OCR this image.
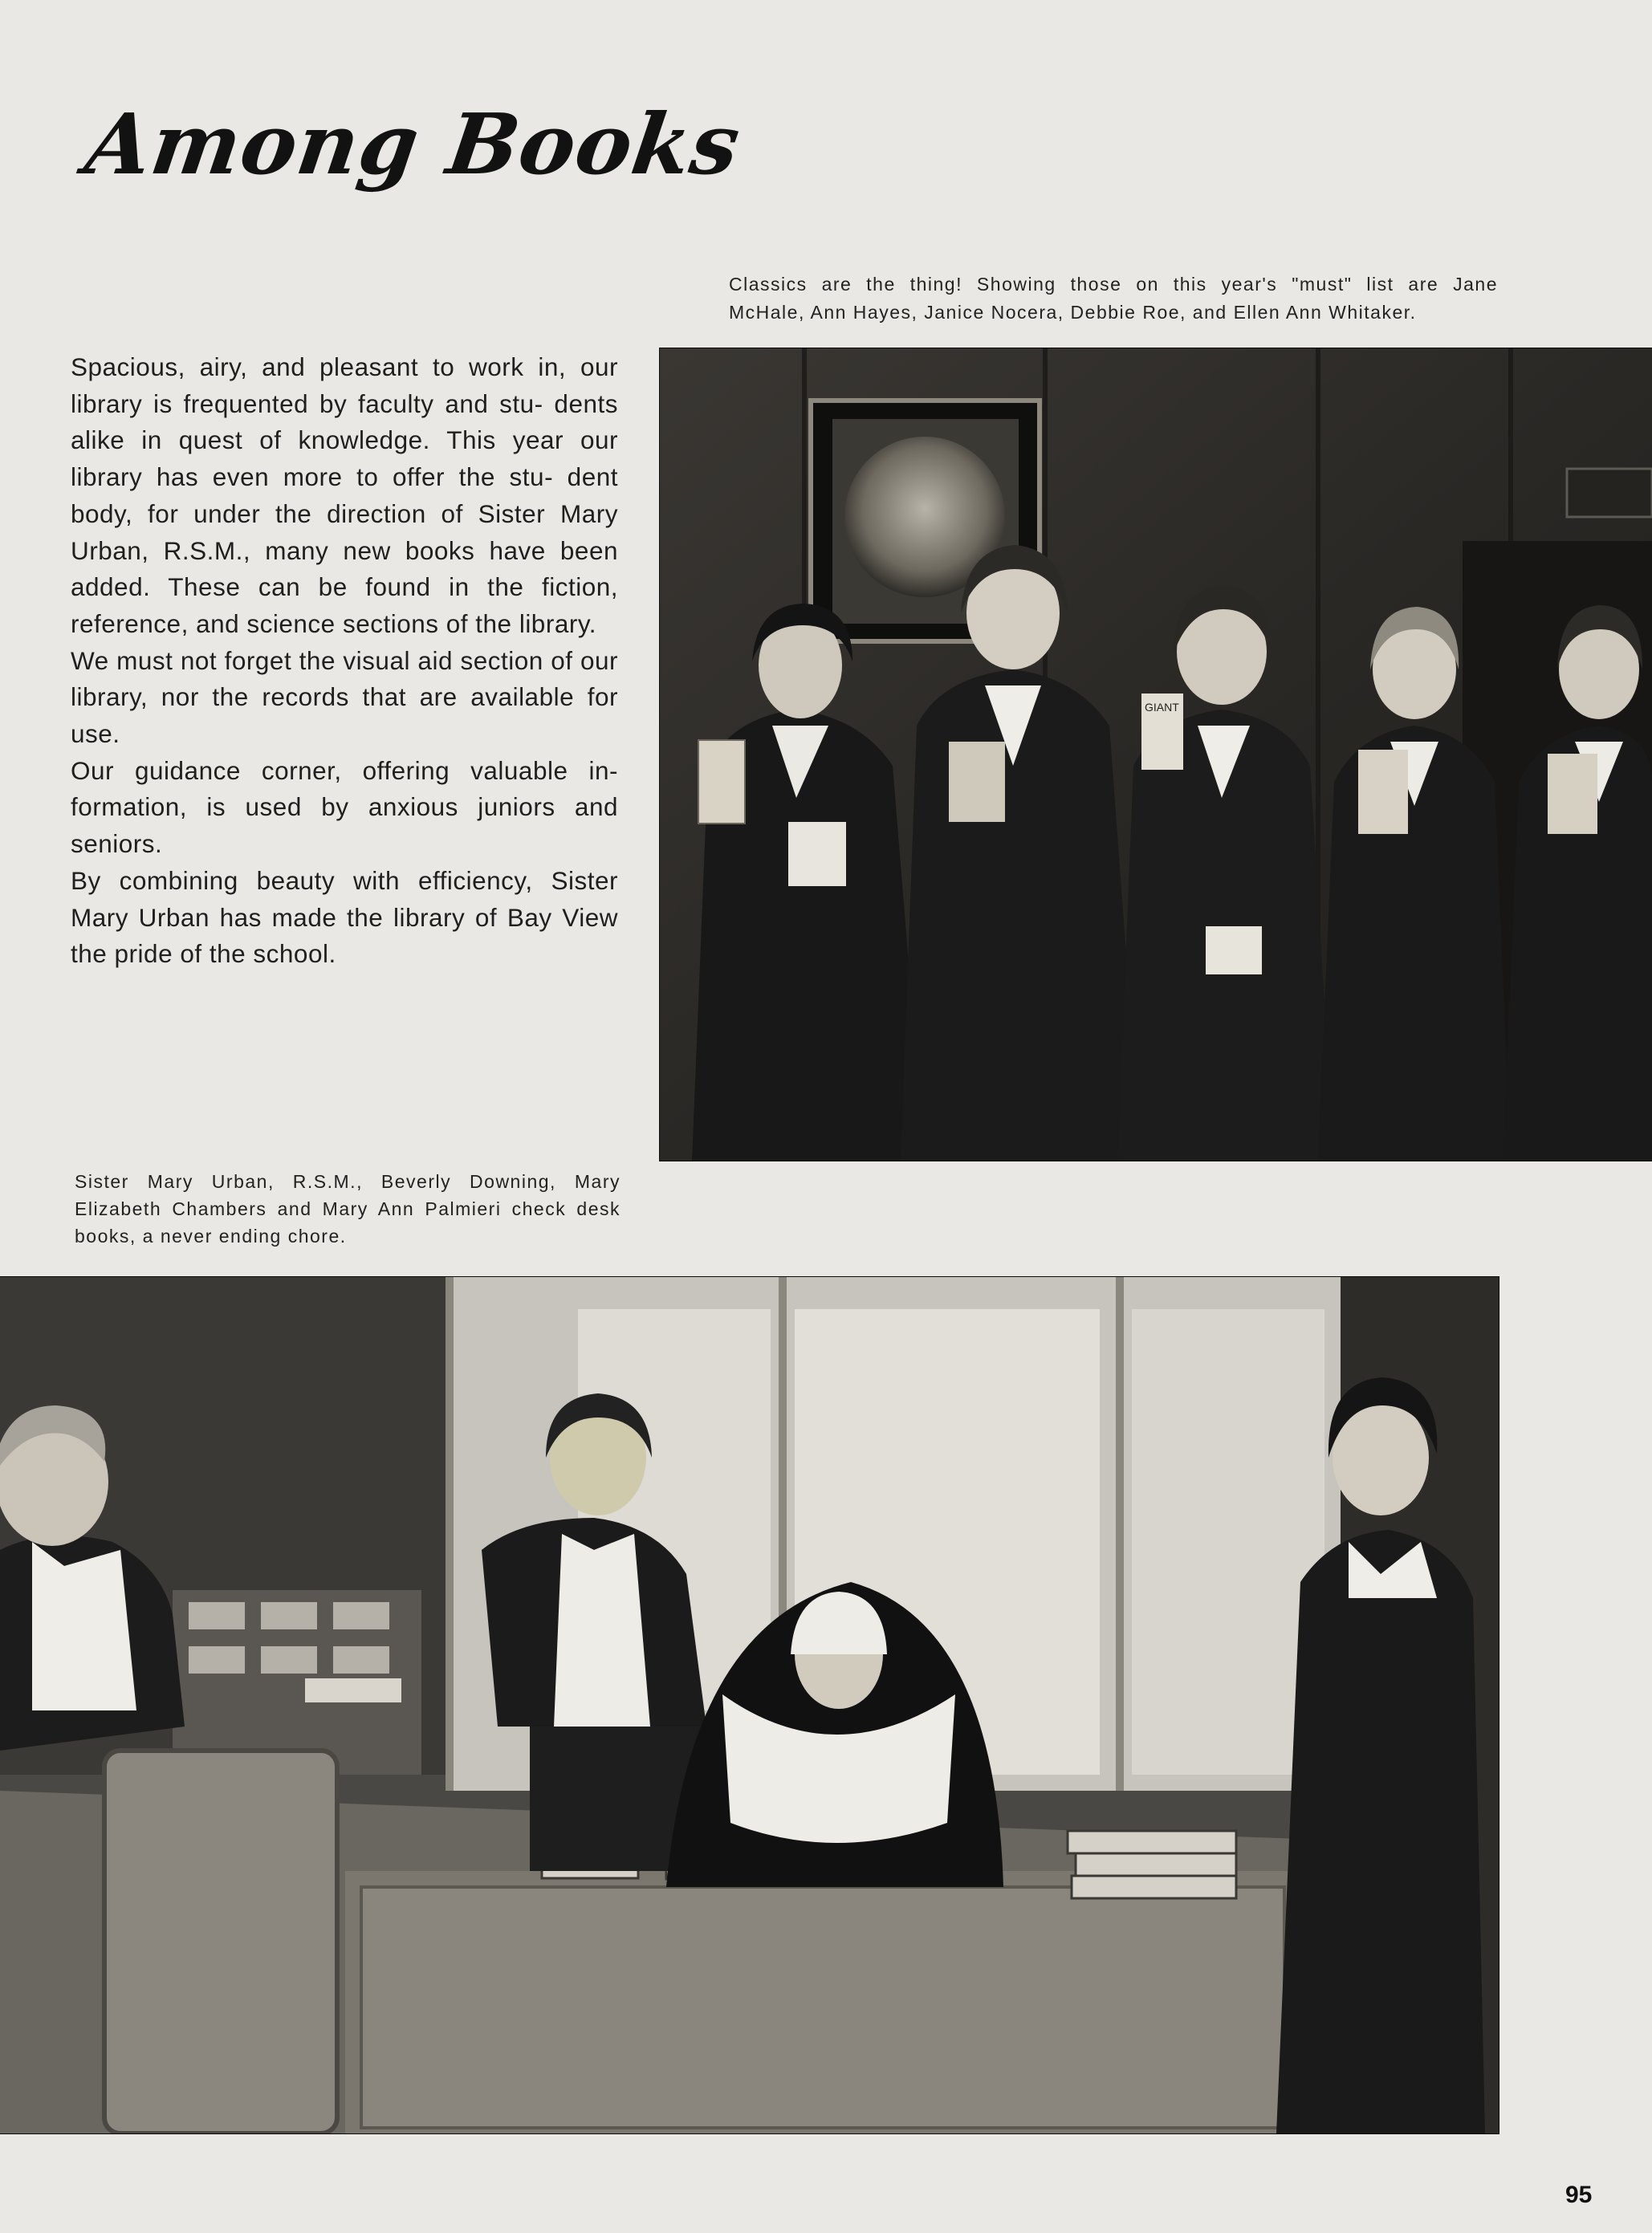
Among Books

Classics are the thing! Showing those on this year's "must" list are Jane

McHale, Ann Hayes, Janice Nocera, Debbie Roe, and Ellen Ann Whitaker.

Spacious, airy, and pleasant to work in, our library is frequented by faculty and stu- dents alike in quest of knowledge. This year our library has even more to offer the stu- dent body, for under the direction of Sister Mary Urban, R.S.M., many new books have been added. These can be found in the fiction, reference, and science sections of the library.

We must not forget the visual aid section of our library, nor the records that are available for use.

Our guidance corner, offering valuable in- formation, is used by anxious juniors and seniors.

By combining beauty with efficiency, Sister Mary Urban has made the library of Bay View the pride of the school.

GIANT

Sister Mary Urban, R.S.M., Beverly Downing, Mary Elizabeth Chambers and Mary Ann Palmieri check desk books, a never ending chore.

95
